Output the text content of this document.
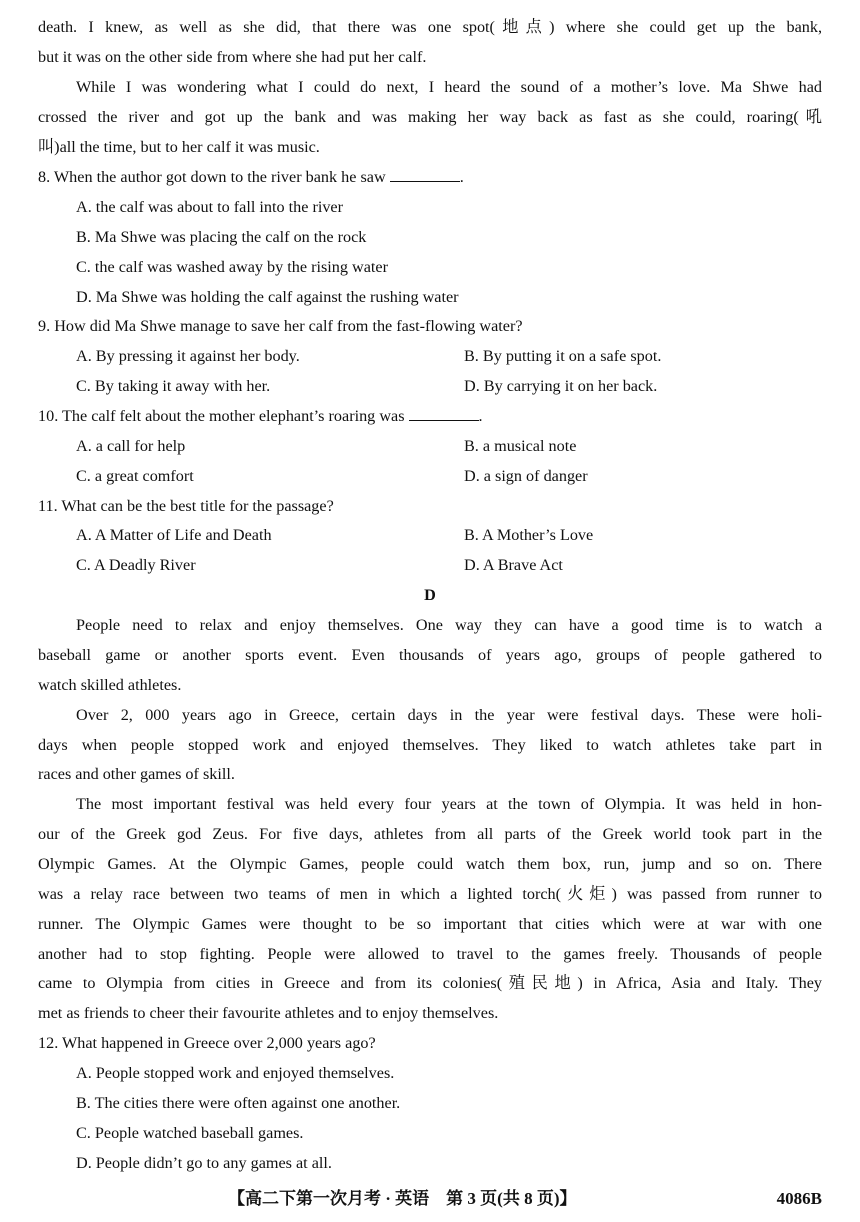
death. I knew, as well as she did, that there was one spot(地点) where she could get up the bank,
but it was on the other side from where she had put her calf.
While I was wondering what I could do next, I heard the sound of a mother’s love. Ma Shwe had
crossed the river and got up the bank and was making her way back as fast as she could, roaring(吼
叫)all the time, but to her calf it was music.
8. When the author got down to the river bank he saw	.
A. the calf was about to fall into the river
B. Ma Shwe was placing the calf on the rock
C. the calf was washed away by the rising water
D. Ma Shwe was holding the calf against the rushing water
9. How did Ma Shwe manage to save her calf from the fast-flowing water?
A. By pressing it against her body.	B. By putting it on a safe spot.
C. By taking it away with her.	D. By carrying it on her back.
10. The calf felt about the mother elephant’s roaring was	.
A. a call for help	B. a musical note
C. a great comfort	D. a sign of danger
11. What can be the best title for the passage?
A. A Matter of Life and Death	B. A Mother’s Love
C. A Deadly River	D. A Brave Act
D
People need to relax and enjoy themselves. One way they can have a good time is to watch a
baseball game or another sports event. Even thousands of years ago, groups of people gathered to
watch skilled athletes.
Over 2, 000 years ago in Greece, certain days in the year were festival days. These were holi-
days when people stopped work and enjoyed themselves. They liked to watch athletes take part in
races and other games of skill.
The most important festival was held every four years at the town of Olympia. It was held in hon-
our of the Greek god Zeus. For five days, athletes from all parts of the Greek world took part in the
Olympic Games. At the Olympic Games, people could watch them box, run, jump and so on. There
was a relay race between two teams of men in which a lighted torch(火炬) was passed from runner to
runner. The Olympic Games were thought to be so important that cities which were at war with one
another had to stop fighting. People were allowed to travel to the games freely. Thousands of people
came to Olympia from cities in Greece and from its colonies(殖民地) in Africa, Asia and Italy. They
met as friends to cheer their favourite athletes and to enjoy themselves.
12. What happened in Greece over 2,000 years ago?
A. People stopped work and enjoyed themselves.
B. The cities there were often against one another.
C. People watched baseball games.
D. People didn’t go to any games at all.
【高二下第一次月考 · 英语　第 3 页(共 8 页)】	4086B
